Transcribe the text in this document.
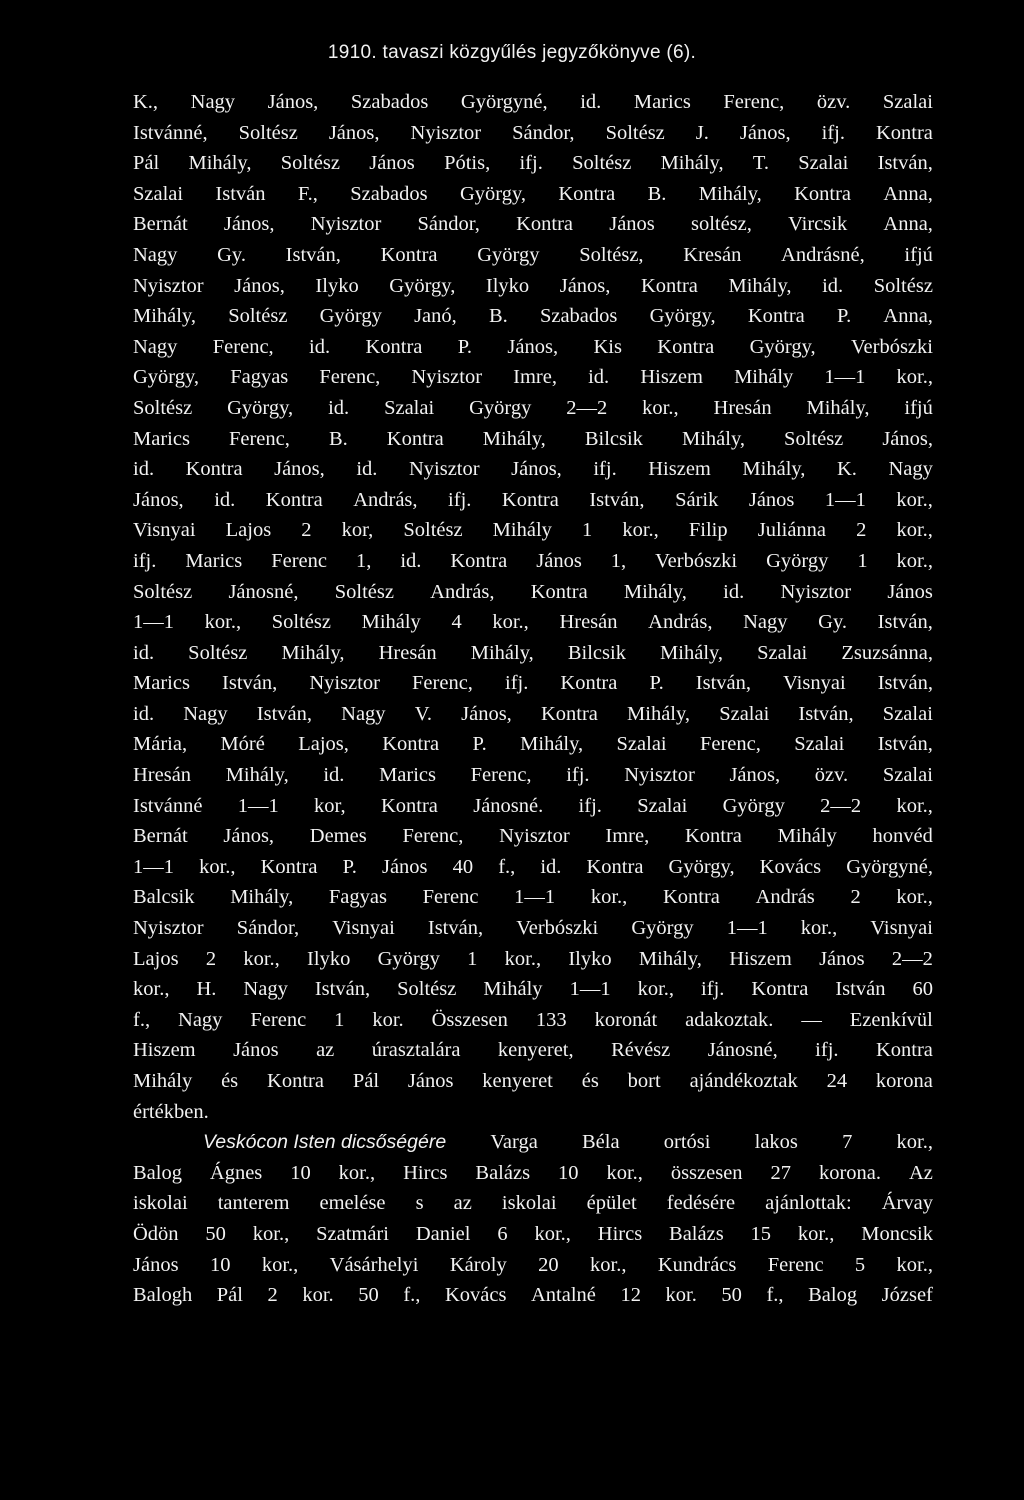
1910. tavaszi közgyűlés jegyzőkönyve (6).
K., Nagy János, Szabados Györgyné, id. Marics Ferenc, özv. Szalai
Istvánné, Soltész János, Nyisztor Sándor, Soltész J. János, ifj. Kontra
Pál Mihály, Soltész János Pótis, ifj. Soltész Mihály, T. Szalai István,
Szalai István F., Szabados György, Kontra B. Mihály, Kontra Anna,
Bernát János, Nyisztor Sándor, Kontra János soltész, Vircsik Anna,
Nagy Gy. István, Kontra György Soltész, Kresán Andrásné, ifjú
Nyisztor János, Ilyko György, Ilyko János, Kontra Mihály, id. Soltész
Mihály, Soltész György Janó, B. Szabados György, Kontra P. Anna,
Nagy Ferenc, id. Kontra P. János, Kis Kontra György, Verbószki
György, Fagyas Ferenc, Nyisztor Imre, id. Hiszem Mihály 1—1 kor.,
Soltész György, id. Szalai György 2—2 kor., Hresán Mihály, ifjú
Marics Ferenc, B. Kontra Mihály, Bilcsik Mihály, Soltész János,
id. Kontra János, id. Nyisztor János, ifj. Hiszem Mihály, K. Nagy
János, id. Kontra András, ifj. Kontra István, Sárik János 1—1 kor.,
Visnyai Lajos 2 kor, Soltész Mihály 1 kor., Filip Juliánna 2 kor.,
ifj. Marics Ferenc 1, id. Kontra János 1, Verbószki György 1 kor.,
Soltész Jánosné, Soltész András, Kontra Mihály, id. Nyisztor János
1—1 kor., Soltész Mihály 4 kor., Hresán András, Nagy Gy. István,
id. Soltész Mihály, Hresán Mihály, Bilcsik Mihály, Szalai Zsuzsánna,
Marics István, Nyisztor Ferenc, ifj. Kontra P. István, Visnyai István,
id. Nagy István, Nagy V. János, Kontra Mihály, Szalai István, Szalai
Mária, Móré Lajos, Kontra P. Mihály, Szalai Ferenc, Szalai István,
Hresán Mihály, id. Marics Ferenc, ifj. Nyisztor János, özv. Szalai
Istvánné 1—1 kor, Kontra Jánosné. ifj. Szalai György 2—2 kor.,
Bernát János, Demes Ferenc, Nyisztor Imre, Kontra Mihály honvéd
1—1 kor., Kontra P. János 40 f., id. Kontra György, Kovács Györgyné,
Balcsik Mihály, Fagyas Ferenc 1—1 kor., Kontra András 2 kor.,
Nyisztor Sándor, Visnyai István, Verbószki György 1—1 kor., Visnyai
Lajos 2 kor., Ilyko György 1 kor., Ilyko Mihály, Hiszem János 2—2
kor., H. Nagy István, Soltész Mihály 1—1 kor., ifj. Kontra István 60
f., Nagy Ferenc 1 kor. Összesen 133 koronát adakoztak. — Ezenkívül
Hiszem János az úrasztalára kenyeret, Révész Jánosné, ifj. Kontra
Mihály és Kontra Pál János kenyeret és bort ajándékoztak 24 korona
értékben.
Veskócon Isten dicsőségére Varga Béla ortósi lakos 7 kor.,
Balog Ágnes 10 kor., Hircs Balázs 10 kor., összesen 27 korona. Az
iskolai tanterem emelése s az iskolai épület fedésére ajánlottak: Árvay
Ödön 50 kor., Szatmári Daniel 6 kor., Hircs Balázs 15 kor., Moncsik
János 10 kor., Vásárhelyi Károly 20 kor., Kundrács Ferenc 5 kor.,
Balogh Pál 2 kor. 50 f., Kovács Antalné 12 kor. 50 f., Balog József
